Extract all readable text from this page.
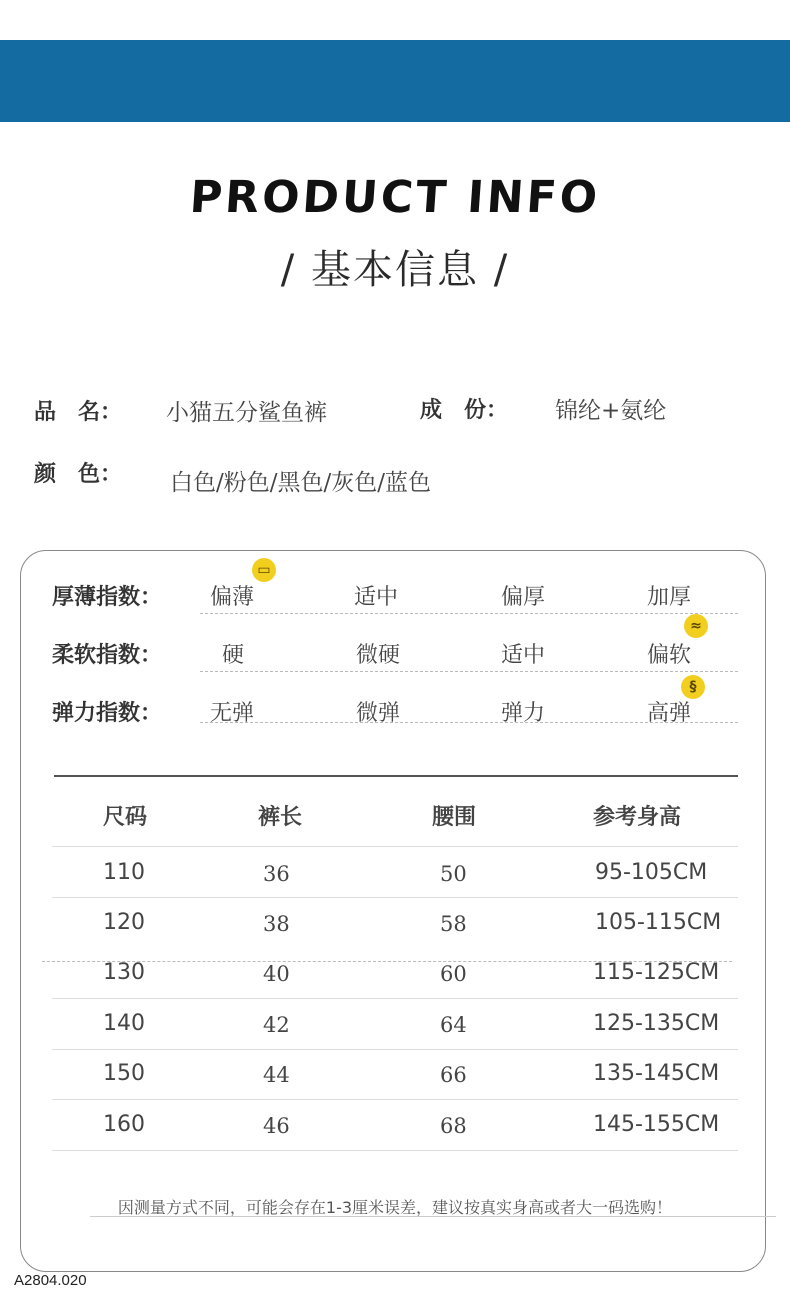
PRODUCT INFO
/ 基本信息 /
品　名： 小猫五分鲨鱼裤	成　份： 锦纶+氨纶
颜　色： 白色/粉色/黑色/灰色/蓝色
厚薄指数： 偏薄	适中	偏厚	加厚
▭
柔软指数：	硬	微硬	适中	偏软
≈
弹力指数： 无弹	微弹	弹力	高弹
§
尺码	裤长	腰围	参考身高
110	36	50	95-105CM
120	38	58	105-115CM
130	40	60	115-125CM
140	42	64	125-135CM
150	44	66	135-145CM
160	46	68	145-155CM
因测量方式不同，可能会存在1-3厘米误差，建议按真实身高或者大一码选购！
A2804.020
